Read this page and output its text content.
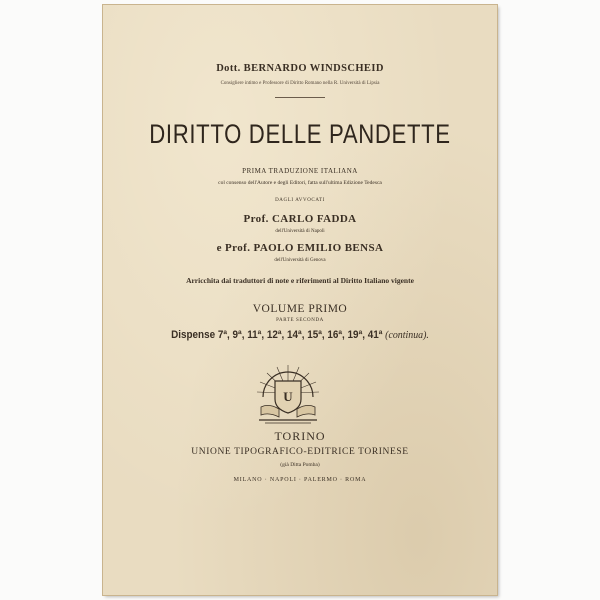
Dott. BERNARDO WINDSCHEID
Consigliere intimo e Professore di Diritto Romano nella R. Università di Lipsia
DIRITTO DELLE PANDETTE
PRIMA TRADUZIONE ITALIANA
col consenso dell'Autore e degli Editori, fatta sull'ultima Edizione Tedesca
DAGLI AVVOCATI
Prof. CARLO FADDA
dell'Università di Napoli
e Prof. PAOLO EMILIO BENSA
dell'Università di Genova
Arricchita dai traduttori di note e riferimenti al Diritto Italiano vigente
VOLUME PRIMO
PARTE SECONDA
Dispense 7ª, 9ª, 11ª, 12ª, 14ª, 15ª, 16ª, 19ª, 41ª (continua).
U
TORINO
UNIONE TIPOGRAFICO-EDITRICE TORINESE
(già Ditta Pomba)
MILANO · NAPOLI · PALERMO · ROMA
